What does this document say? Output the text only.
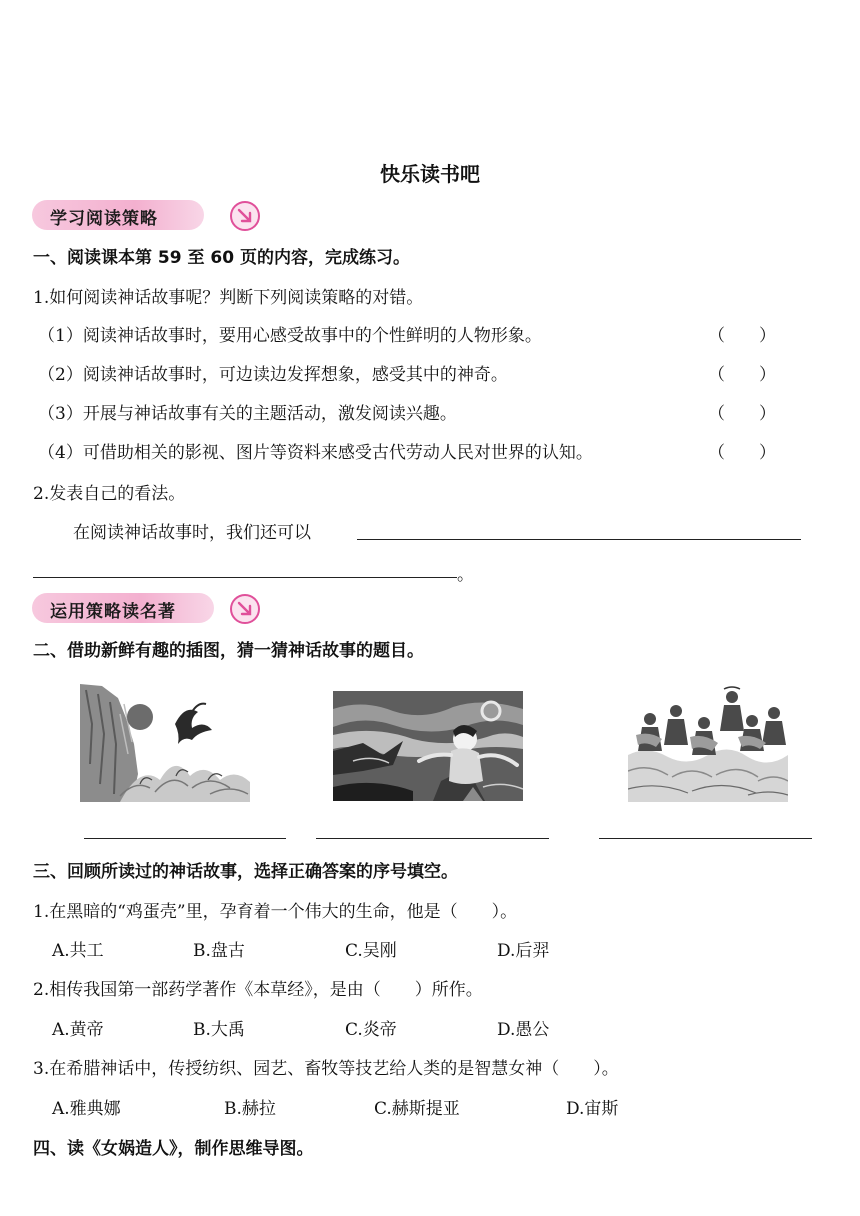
快乐读书吧
学习阅读策略
一、阅读课本第 59 至 60 页的内容，完成练习。
1.如何阅读神话故事呢？判断下列阅读策略的对错。
（1）阅读神话故事时，要用心感受故事中的个性鲜明的人物形象。	（　　）
（2）阅读神话故事时，可边读边发挥想象，感受其中的神奇。	（　　）
（3）开展与神话故事有关的主题活动，激发阅读兴趣。	（　　）
（4）可借助相关的影视、图片等资料来感受古代劳动人民对世界的认知。	（　　）
2.发表自己的看法。
在阅读神话故事时，我们还可以
。
运用策略读名著
二、借助新鲜有趣的插图，猜一猜神话故事的题目。
三、回顾所读过的神话故事，选择正确答案的序号填空。
1.在黑暗的“鸡蛋壳”里，孕育着一个伟大的生命，他是（　　）。
A.共工	B.盘古	C.吴刚	D.后羿
2.相传我国第一部药学著作《本草经》，是由（　　）所作。
A.黄帝	B.大禹	C.炎帝	D.愚公
3.在希腊神话中，传授纺织、园艺、畜牧等技艺给人类的是智慧女神（　　）。
A.雅典娜	B.赫拉	C.赫斯提亚	D.宙斯
四、读《女娲造人》，制作思维导图。
